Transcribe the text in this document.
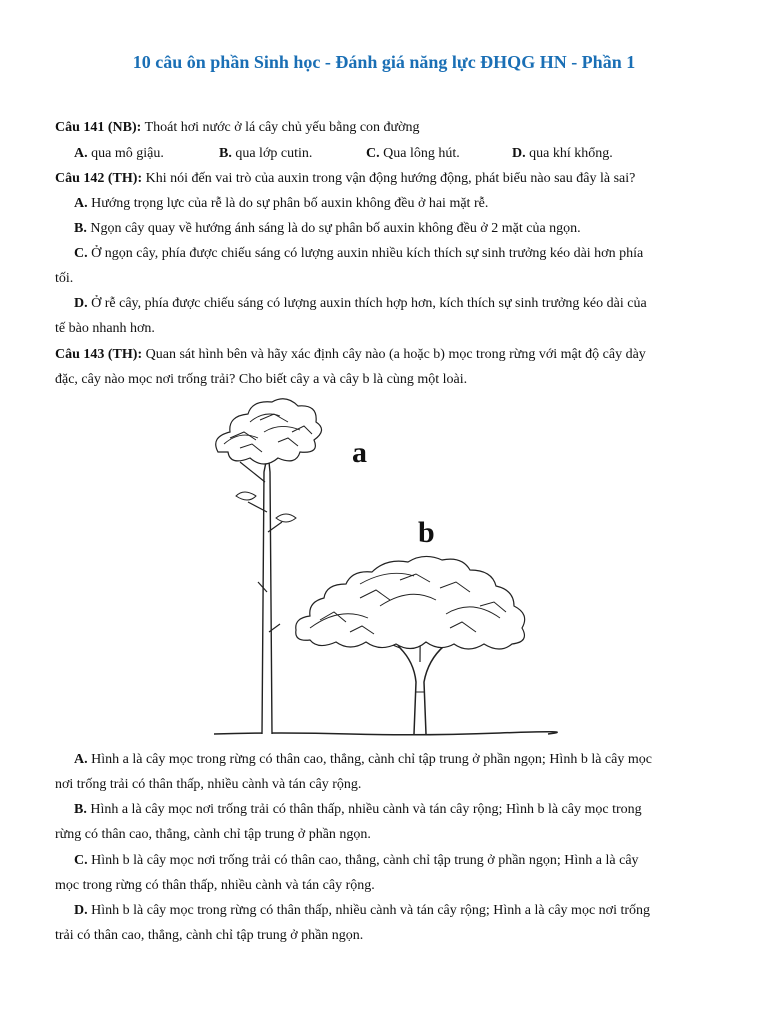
10 câu ôn phần Sinh học - Đánh giá năng lực ĐHQG HN - Phần 1
Câu 141 (NB): Thoát hơi nước ở lá cây chủ yếu bằng con đường
A. qua mô giậu.	B. qua lớp cutin.	C. Qua lông hút.	D. qua khí khổng.
Câu 142 (TH): Khi nói đến vai trò của auxin trong vận động hướng động, phát biểu nào sau đây là sai?
A. Hướng trọng lực của rễ là do sự phân bố auxin không đều ở hai mặt rễ.
B. Ngọn cây quay về hướng ánh sáng là do sự phân bố auxin không đều ở 2 mặt của ngọn.
C. Ở ngọn cây, phía được chiếu sáng có lượng auxin nhiều kích thích sự sinh trưởng kéo dài hơn phía
tối.
D. Ở rễ cây, phía được chiếu sáng có lượng auxin thích hợp hơn, kích thích sự sinh trưởng kéo dài của
tế bào nhanh hơn.
Câu 143 (TH): Quan sát hình bên và hãy xác định cây nào (a hoặc b) mọc trong rừng với mật độ cây dày
đặc, cây nào mọc nơi trống trải? Cho biết cây a và cây b là cùng một loài.
a
b
A. Hình a là cây mọc trong rừng có thân cao, thẳng, cành chỉ tập trung ở phần ngọn; Hình b là cây mọc
nơi trống trải có thân thấp, nhiều cành và tán cây rộng.
B. Hình a là cây mọc nơi trống trải có thân thấp, nhiều cành và tán cây rộng; Hình b là cây mọc trong
rừng có thân cao, thẳng, cành chỉ tập trung ở phần ngọn.
C. Hình b là cây mọc nơi trống trải có thân cao, thẳng, cành chỉ tập trung ở phần ngọn; Hình a là cây
mọc trong rừng có thân thấp, nhiều cành và tán cây rộng.
D. Hình b là cây mọc trong rừng có thân thấp, nhiều cành và tán cây rộng; Hình a là cây mọc nơi trống
trải có thân cao, thẳng, cành chỉ tập trung ở phần ngọn.
